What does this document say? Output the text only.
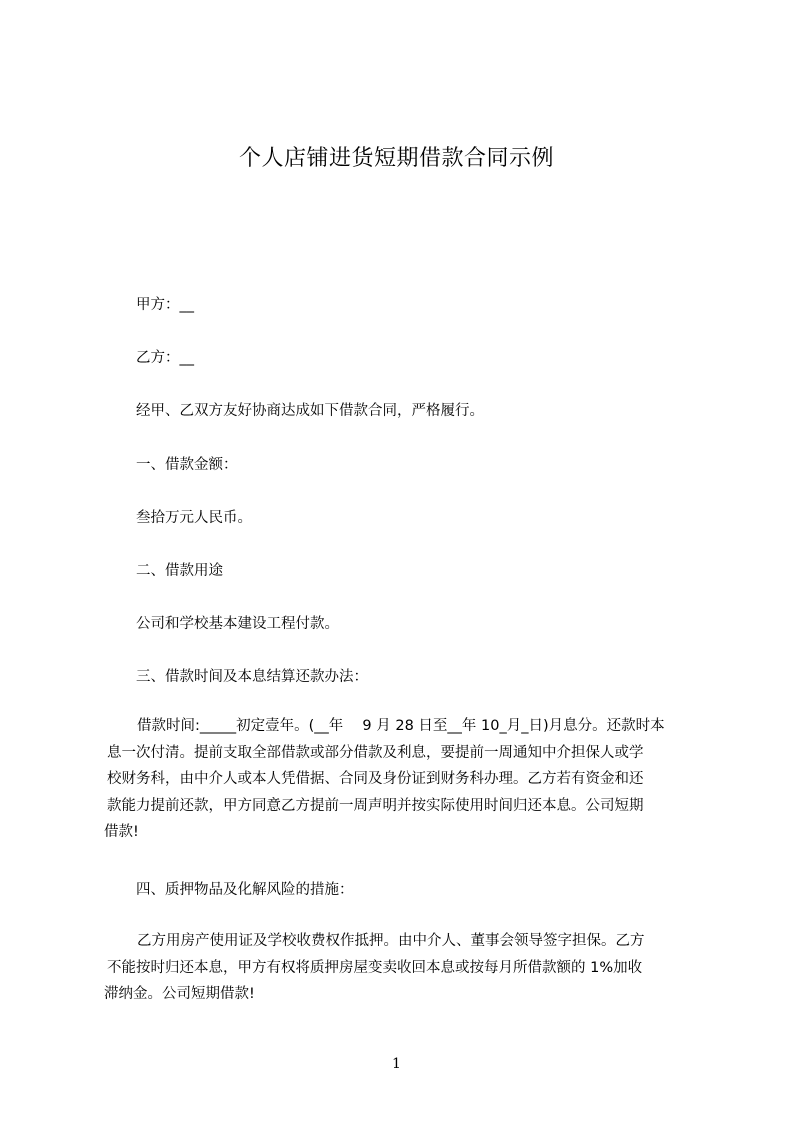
个人店铺进货短期借款合同示例
甲方：__
乙方：__
经甲、乙双方友好协商达成如下借款合同，严格履行。
一、借款金额：
叁拾万元人民币。
二、借款用途
公司和学校基本建设工程付款。
三、借款时间及本息结算还款办法：
借款时间:_____初定壹年。(__年　 9 月 28 日至__年 10_月_日)月息分。还款时本
息一次付清。提前支取全部借款或部分借款及利息，要提前一周通知中介担保人或学
校财务科，由中介人或本人凭借据、合同及身份证到财务科办理。乙方若有资金和还
款能力提前还款，甲方同意乙方提前一周声明并按实际使用时间归还本息。公司短期
借款!
四、质押物品及化解风险的措施：
乙方用房产使用证及学校收费权作抵押。由中介人、董事会领导签字担保。乙方
不能按时归还本息，甲方有权将质押房屋变卖收回本息或按每月所借款额的 1%加收
滞纳金。公司短期借款!
1
